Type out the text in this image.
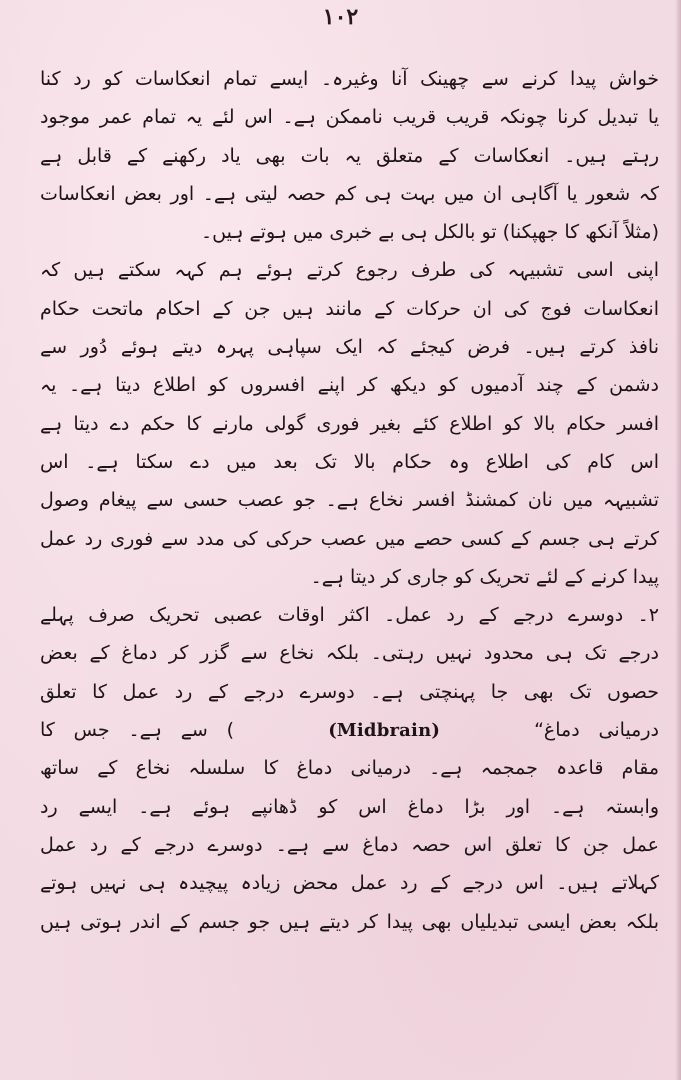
۱۰۲
خواش پیدا کرنے سے چھینک آنا وغیرہ۔ ایسے تمام انعکاسات کو رد کنا
یا تبدیل کرنا چونکہ قریب قریب ناممکن ہے۔ اس لئے یہ تمام عمر موجود
رہتے ہیں۔ انعکاسات کے متعلق یہ بات بھی یاد رکھنے کے قابل ہے
کہ شعور یا آگاہی ان میں بہت ہی کم حصہ لیتی ہے۔ اور بعض انعکاسات
(مثلاً آنکھ کا جھپکنا) تو بالکل ہی بے خبری میں ہوتے ہیں۔
اپنی اسی تشبیہہ کی طرف رجوع کرتے ہوئے ہم کہہ سکتے ہیں کہ
انعکاسات فوج کی ان حرکات کے مانند ہیں جن کے احکام ماتحت حکام
نافذ کرتے ہیں۔ فرض کیجئے کہ ایک سپاہی پہرہ دیتے ہوئے دُور سے
دشمن کے چند آدمیوں کو دیکھ کر اپنے افسروں کو اطلاع دیتا ہے۔ یہ
افسر حکام بالا کو اطلاع کئے بغیر فوری گولی مارنے کا حکم دے دیتا ہے
اس کام کی اطلاع وہ حکام بالا تک بعد میں دے سکتا ہے۔ اس
تشبیہہ میں نان کمشنڈ افسر نخاع ہے۔ جو عصب حسی سے پیغام وصول
کرتے ہی جسم کے کسی حصے میں عصب حرکی کی مدد سے فوری رد عمل
پیدا کرنے کے لئے تحریک کو جاری کر دیتا ہے۔
۲۔ دوسرے درجے کے رد عمل۔ اکثر اوقات عصبی تحریک صرف پہلے
درجے تک ہی محدود نہیں رہتی۔ بلکہ نخاع سے گزر کر دماغ کے بعض
حصوں تک بھی جا پہنچتی ہے۔ دوسرے درجے کے رد عمل کا تعلق
درمیانی دماغ“     (Midbrain)     ) سے ہے۔ جس کا
مقام قاعدہ جمجمہ ہے۔ درمیانی دماغ کا سلسلہ نخاع کے ساتھ
وابستہ ہے۔ اور بڑا دماغ اس کو ڈھانپے ہوئے ہے۔ ایسے رد
عمل جن کا تعلق اس حصہ دماغ سے ہے۔ دوسرے درجے کے رد عمل
کہلاتے ہیں۔ اس درجے کے رد عمل محض زیادہ پیچیدہ ہی نہیں ہوتے
بلکہ بعض ایسی تبدیلیاں بھی پیدا کر دیتے ہیں جو جسم کے اندر ہوتی ہیں
